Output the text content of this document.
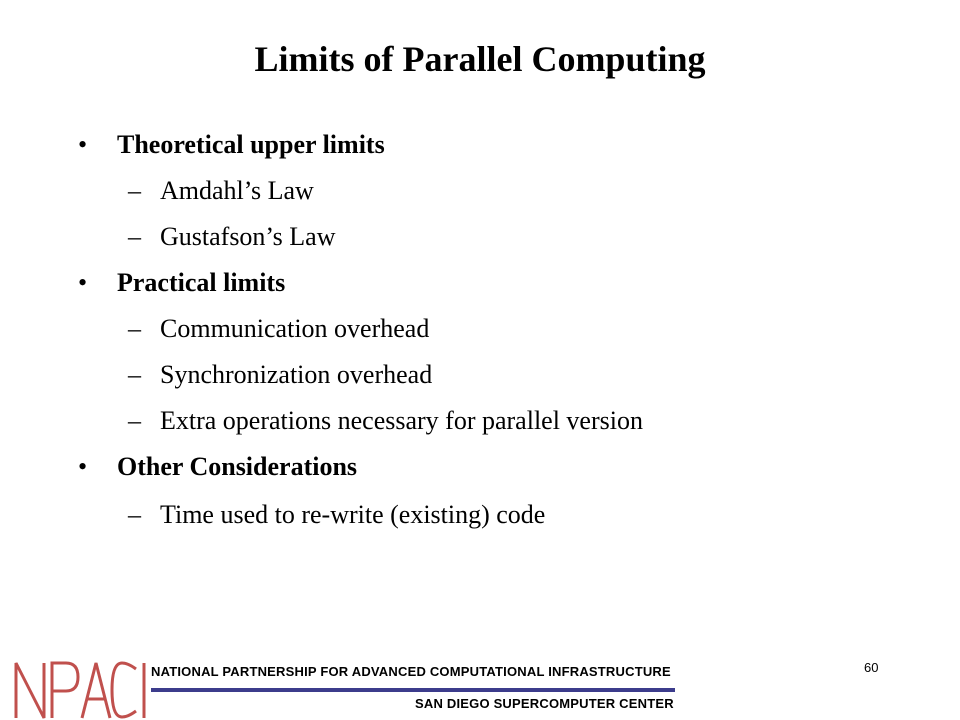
Limits of Parallel Computing
• Theoretical upper limits
– Amdahl’s Law
– Gustafson’s Law
• Practical limits
– Communication overhead
– Synchronization overhead
– Extra operations necessary for parallel version
• Other Considerations
– Time used to re-write (existing) code
NPACI
NATIONAL PARTNERSHIP FOR ADVANCED COMPUTATIONAL INFRASTRUCTURE
SAN DIEGO SUPERCOMPUTER CENTER
60
